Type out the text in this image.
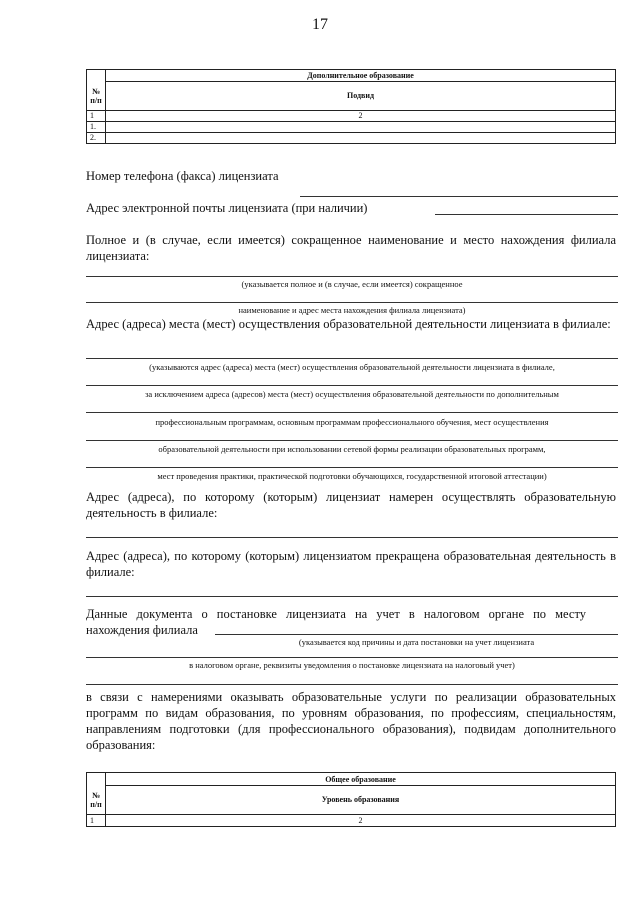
17
	Дополнительное образование
№ п/п	Подвид
1	2
1.	
2.	
Номер телефона (факса) лицензиата
Адрес электронной почты лицензиата (при наличии)
Полное и (в случае, если имеется) сокращенное наименование и место нахождения филиала лицензиата:
(указывается полное и (в случае, если имеется) сокращенное
наименование и адрес места нахождения филиала лицензиата)
Адрес (адреса) места (мест) осуществления образовательной деятельности лицензиата в филиале:
(указываются адрес (адреса) места (мест) осуществления образовательной деятельности лицензиата в филиале,
за исключением адреса (адресов) места (мест) осуществления образовательной деятельности по дополнительным
профессиональным программам, основным программам профессионального обучения, мест осуществления
образовательной деятельности при использовании сетевой формы реализации образовательных программ,
мест проведения практики, практической подготовки обучающихся, государственной итоговой аттестации)
Адрес (адреса), по которому (которым) лицензиат намерен осуществлять образовательную деятельность в филиале:
Адрес (адреса), по которому (которым) лицензиатом прекращена образовательная деятельность в филиале:
Данные документа о постановке лицензиата на учет в налоговом органе по месту нахождения филиала
(указывается код причины и дата постановки на учет лицензиата
в налоговом органе, реквизиты уведомления о постановке лицензиата на налоговый учет)
в связи с намерениями оказывать образовательные услуги по реализации образовательных программ по видам образования, по уровням образования, по профессиям, специальностям, направлениям подготовки (для профессионального образования), подвидам дополнительного образования:
	Общее образование
№ п/п	Уровень образования
1	2
